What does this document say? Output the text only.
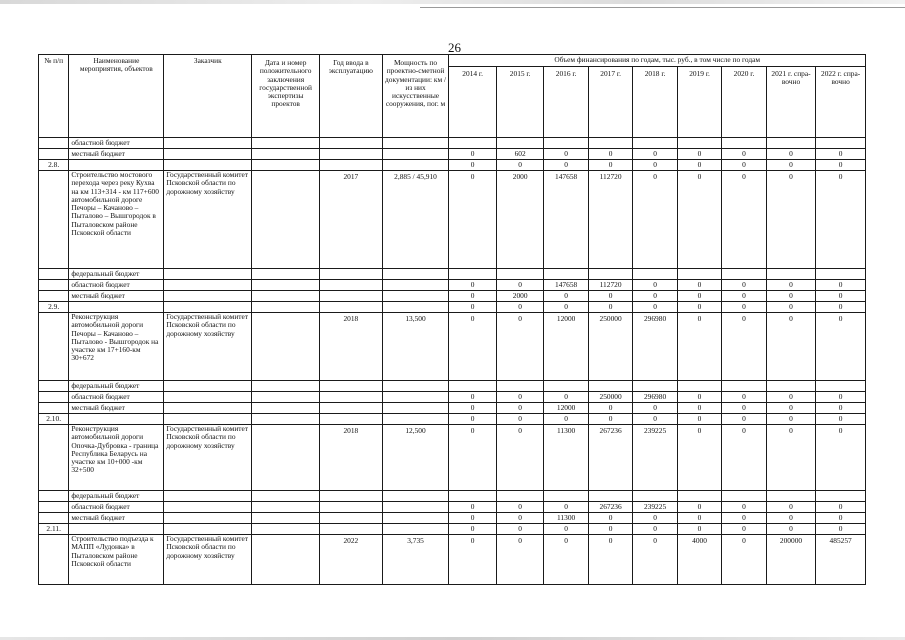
26
№ п/п	Наименование мероприятия, объектов	Заказчик	Дата и номер положительного заключения государственной экспертизы проектов	Год ввода в эксплуатацию	Мощность по проектно-сметной документации: км / из них искусственные сооружения, пог. м	Объем финансирования по годам, тыс. руб., в том числе по годам								
						2014 г.	2015 г.	2016 г.	2017 г.	2018 г.	2019 г.	2020 г.	2021 г. спра-вочно	2022 г. спра-вочно
	областной бюджет													
	местный бюджет					0	602	0	0	0	0	0	0	0
2.8.						0	0	0	0	0	0	0	0	0
	Строительство мостового перехода через реку Кухва на км 113+314 - км 117+600 автомобильной дороге Печоры – Качаново – Пыталово – Вышгородок в Пыталовском районе Псковской области	Государственный комитет Псковской области по дорожному хозяйству		2017	2,885 / 45,910	0	2000	147658	112720	0	0	0	0	0
	федеральный бюджет													
	областной бюджет					0	0	147658	112720	0	0	0	0	0
	местный бюджет					0	2000	0	0	0	0	0	0	0
2.9.						0	0	0	0	0	0	0	0	0
	Реконструкция автомобильной дороги Печоры – Качаново – Пыталово - Вышгородок на участке км 17+160-км 30+672	Государственный комитет Псковской области по дорожному хозяйству		2018	13,500	0	0	12000	250000	296980	0	0	0	0
	федеральный бюджет													
	областной бюджет					0	0	0	250000	296980	0	0	0	0
	местный бюджет					0	0	12000	0	0	0	0	0	0
2.10.						0	0	0	0	0	0	0	0	0
	Реконструкция автомобильной дороги Опочка-Дубровка - граница Республика Беларусь на участке км 10+000 -км 32+500	Государственный комитет Псковской области по дорожному хозяйству		2018	12,500	0	0	11300	267236	239225	0	0	0	0
	федеральный бюджет													
	областной бюджет					0	0	0	267236	239225	0	0	0	0
	местный бюджет					0	0	11300	0	0	0	0	0	0
2.11.						0	0	0	0	0	0	0	0	0
	Строительство подъезда к МАПП «Лудонка» в Пыталовском районе Псковской области	Государственный комитет Псковской области по дорожному хозяйству		2022	3,735	0	0	0	0	0	4000	0	200000	485257
